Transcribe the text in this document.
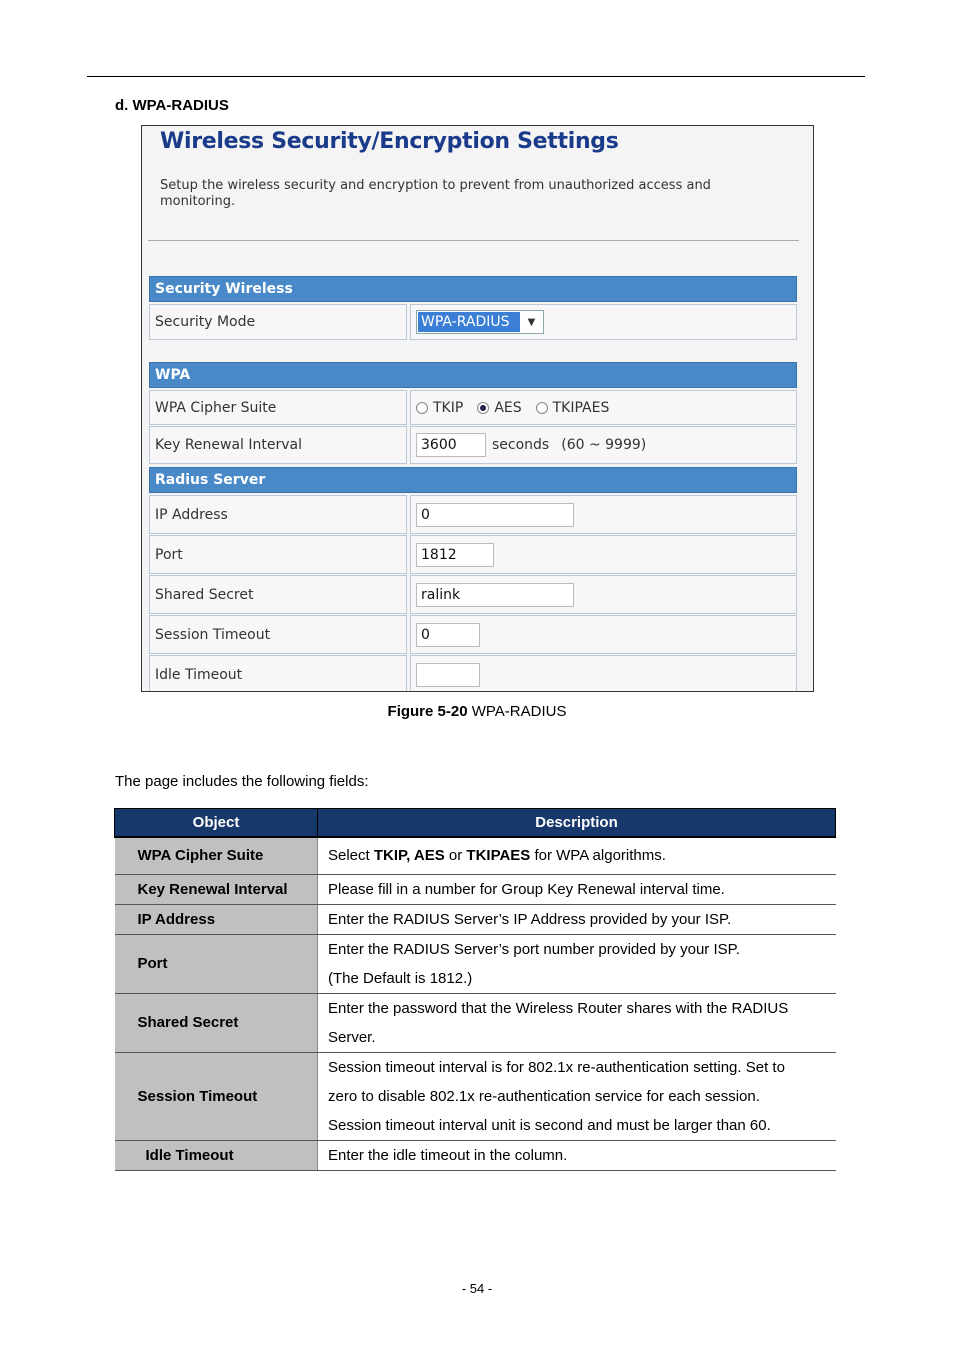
d. WPA-RADIUS
Wireless Security/Encryption Settings
Setup the wireless security and encryption to prevent from unauthorized access and monitoring.
Security Wireless
Security Mode	WPA-RADIUS	▼
WPA
WPA Cipher Suite	TKIP AES TKIPAES
Key Renewal Interval	3600	seconds (60 ~ 9999)
Radius Server
IP Address	0
Port	1812
Shared Secret	ralink
Session Timeout	0
Idle Timeout
Figure 5-20 WPA-RADIUS
The page includes the following fields:
Object	Description
WPA Cipher Suite	Select TKIP, AES or TKIPAES for WPA algorithms.
Key Renewal Interval	Please fill in a number for Group Key Renewal interval time.
IP Address	Enter the RADIUS Server’s IP Address provided by your ISP.
Port	Enter the RADIUS Server’s port number provided by your ISP.
(The Default is 1812.)

Shared Secret	Enter the password that the Wireless Router shares with the RADIUS
Server.

Session Timeout	Session timeout interval is for 802.1x re-authentication setting. Set to
zero to disable 802.1x re-authentication service for each session.
Session timeout interval unit is second and must be larger than 60.

Idle Timeout	Enter the idle timeout in the column.
- 54 -
